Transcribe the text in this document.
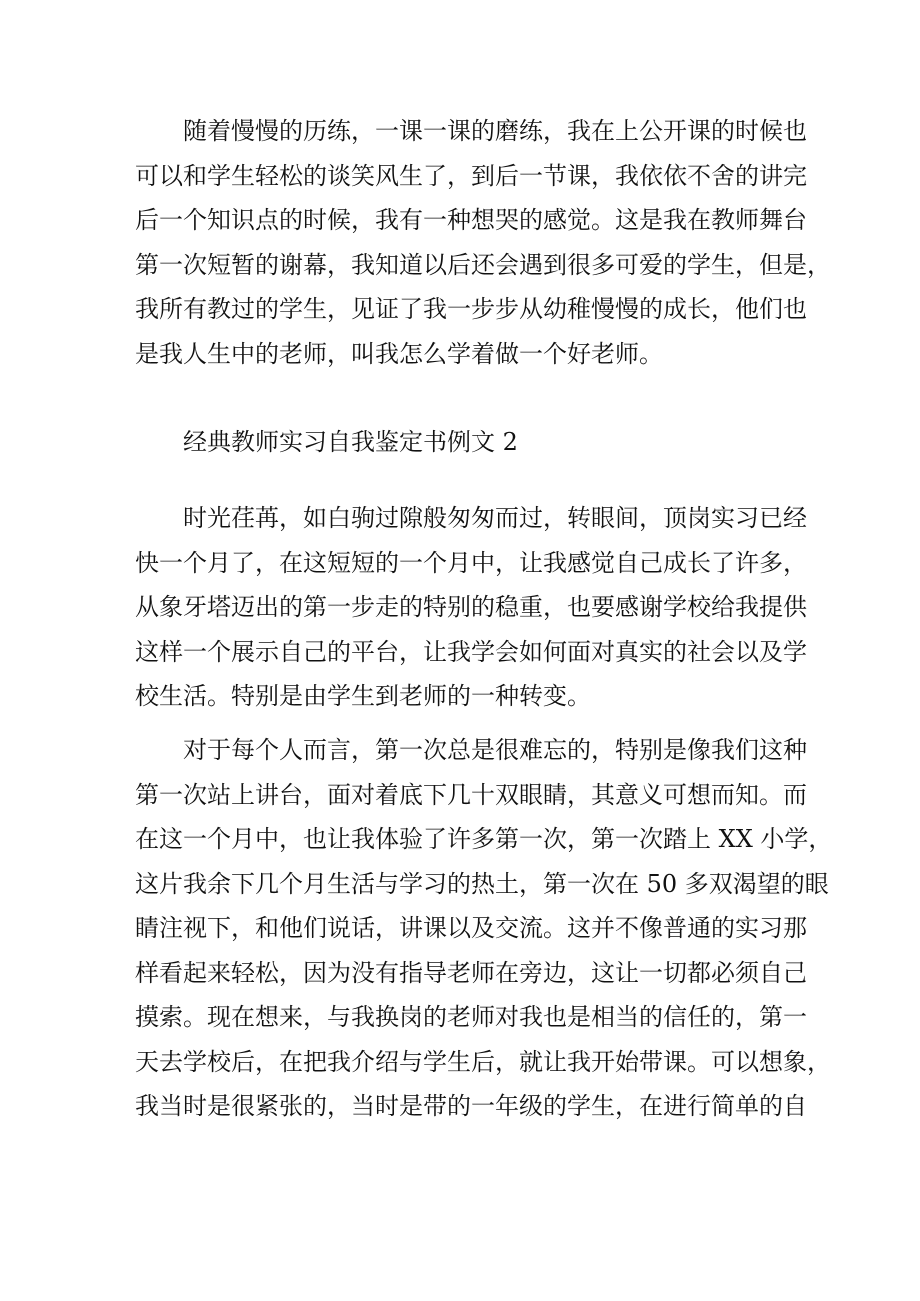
随着慢慢的历练，一课一课的磨练，我在上公开课的时候也
可以和学生轻松的谈笑风生了，到后一节课，我依依不舍的讲完
后一个知识点的时候，我有一种想哭的感觉。这是我在教师舞台
第一次短暂的谢幕，我知道以后还会遇到很多可爱的学生，但是，
我所有教过的学生，见证了我一步步从幼稚慢慢的成长，他们也
是我人生中的老师，叫我怎么学着做一个好老师。
经典教师实习自我鉴定书例文 2
时光荏苒，如白驹过隙般匆匆而过，转眼间，顶岗实习已经
快一个月了，在这短短的一个月中，让我感觉自己成长了许多，
从象牙塔迈出的第一步走的特别的稳重，也要感谢学校给我提供
这样一个展示自己的平台，让我学会如何面对真实的社会以及学
校生活。特别是由学生到老师的一种转变。
对于每个人而言，第一次总是很难忘的，特别是像我们这种
第一次站上讲台，面对着底下几十双眼睛，其意义可想而知。而
在这一个月中，也让我体验了许多第一次，第一次踏上 XX 小学，
这片我余下几个月生活与学习的热土，第一次在 50 多双渴望的眼
睛注视下，和他们说话，讲课以及交流。这并不像普通的实习那
样看起来轻松，因为没有指导老师在旁边，这让一切都必须自己
摸索。现在想来，与我换岗的老师对我也是相当的信任的，第一
天去学校后，在把我介绍与学生后，就让我开始带课。可以想象，
我当时是很紧张的，当时是带的一年级的学生，在进行简单的自
